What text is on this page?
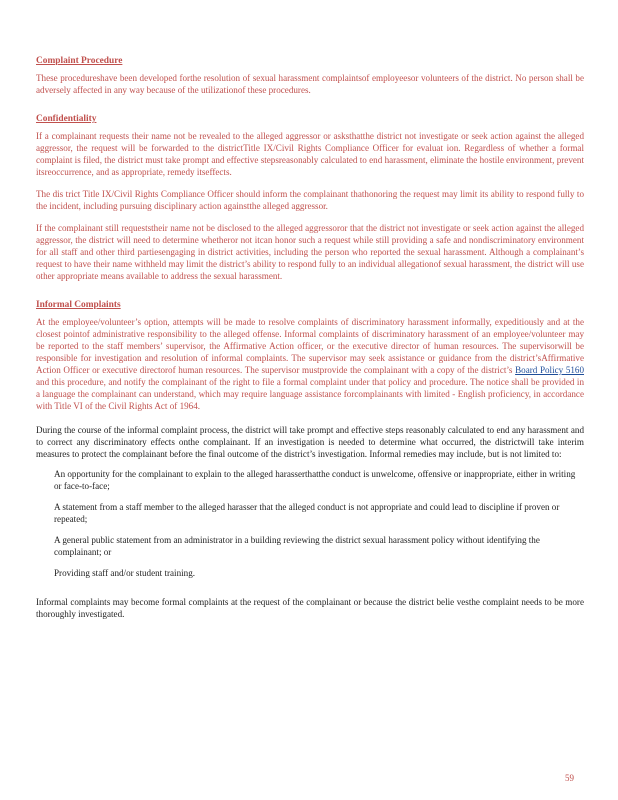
Complaint Procedure

These procedureshave been developed forthe resolution of sexual harassment complaintsof employeesor volunteers of the district. No person shall be adversely affected in any way because of the utilizationof these procedures.

Confidentiality

If a complainant requests their name not be revealed to the alleged aggressor or asksthatthe district not investigate or seek action against the alleged aggressor, the request will be forwarded to the districtTitle IX/Civil Rights Compliance Officer for evaluat ion. Regardless of whether a formal complaint is filed, the district must take prompt and effective stepsreasonably calculated to end harassment, eliminate the hostile environment, prevent itsreoccurrence, and as appropriate, remedy itseffects.

The dis trict Title IX/Civil Rights Compliance Officer should inform the complainant thathonoring the request may limit its ability to respond fully to the incident, including pursuing disciplinary action againstthe alleged aggressor.

If the complainant still requeststheir name not be disclosed to the alleged aggressoror that the district not investigate or seek action against the alleged aggressor, the district will need to determine whetheror not itcan honor such a request while still providing a safe and nondiscriminatory environment for all staff and other third partiesengaging in district activities, including the person who reported the sexual harassment. Although a complainant’s request to have their name withheld may limit the district’s ability to respond fully to an individual allegationof sexual harassment, the district will use other appropriate means available to address the sexual harassment.

Informal Complaints

At the employee/volunteer’s option, attempts will be made to resolve complaints of discriminatory harassment informally, expeditiously and at the closest pointof administrative responsibility to the alleged offense. Informal complaints of discriminatory harassment of an employee/volunteer may be reported to the staff members’ supervisor, the Affirmative Action officer, or the executive director of human resources. The supervisorwill be responsible for investigation and resolution of informal complaints. The supervisor may seek assistance or guidance from the district’sAffirmative Action Officer or executive directorof human resources. The supervisor mustprovide the complainant with a copy of the district’s Board Policy 5160 and this procedure, and notify the complainant of the right to file a formal complaint under that policy and procedure. The notice shall be provided in a language the complainant can understand, which may require language assistance forcomplainants with limited - English proficiency, in accordance with Title VI of the Civil Rights Act of 1964.

During the course of the informal complaint process, the district will take prompt and effective steps reasonably calculated to end any harassment and to correct any discriminatory effects onthe complainant. If an investigation is needed to determine what occurred, the districtwill take interim measures to protect the complainant before the final outcome of the district’s investigation. Informal remedies may include, but is not limited to:

An opportunity for the complainant to explain to the alleged harasserthatthe conduct is unwelcome, offensive or inappropriate, either in writing or face-to-face;
A statement from a staff member to the alleged harasser that the alleged conduct is not appropriate and could lead to discipline if proven or repeated;
A general public statement from an administrator in a building reviewing the district sexual harassment policy without identifying the complainant; or
Providing staff and/or student training.

Informal complaints may become formal complaints at the request of the complainant or because the district belie vesthe complaint needs to be more thoroughly investigated.

59
